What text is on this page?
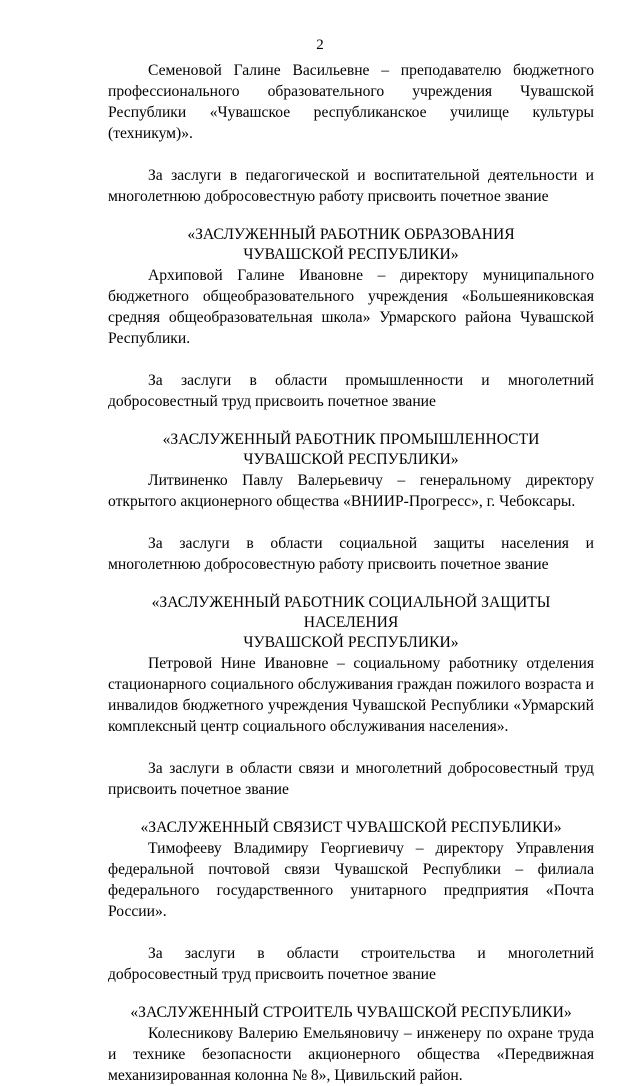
2

Семеновой Галине Васильевне – преподавателю бюджетного профессионального образовательного учреждения Чувашской Республики «Чувашское республиканское училище культуры (техникум)».

За заслуги в педагогической и воспитательной деятельности и многолетнюю добросовестную работу присвоить почетное звание

«ЗАСЛУЖЕННЫЙ РАБОТНИК ОБРАЗОВАНИЯ
ЧУВАШСКОЙ РЕСПУБЛИКИ»

Архиповой Галине Ивановне – директору муниципального бюджетного общеобразовательного учреждения «Большеяниковская средняя общеобразовательная школа» Урмарского района Чувашской Республики.

За заслуги в области промышленности и многолетний добросовестный труд присвоить почетное звание

«ЗАСЛУЖЕННЫЙ РАБОТНИК ПРОМЫШЛЕННОСТИ
ЧУВАШСКОЙ РЕСПУБЛИКИ»

Литвиненко Павлу Валерьевичу – генеральному директору открытого акционерного общества «ВНИИР-Прогресс», г. Чебоксары.

За заслуги в области социальной защиты населения и многолетнюю добросовестную работу присвоить почетное звание

«ЗАСЛУЖЕННЫЙ РАБОТНИК СОЦИАЛЬНОЙ ЗАЩИТЫ НАСЕЛЕНИЯ
ЧУВАШСКОЙ РЕСПУБЛИКИ»

Петровой Нине Ивановне – социальному работнику отделения стационарного социального обслуживания граждан пожилого возраста и инвалидов бюджетного учреждения Чувашской Республики «Урмарский комплексный центр социального обслуживания населения».

За заслуги в области связи и многолетний добросовестный труд присвоить почетное звание

«ЗАСЛУЖЕННЫЙ СВЯЗИСТ ЧУВАШСКОЙ РЕСПУБЛИКИ»

Тимофееву Владимиру Георгиевичу – директору Управления федеральной почтовой связи Чувашской Республики – филиала федерального государственного унитарного предприятия «Почта России».

За заслуги в области строительства и многолетний добросовестный труд присвоить почетное звание

«ЗАСЛУЖЕННЫЙ СТРОИТЕЛЬ ЧУВАШСКОЙ РЕСПУБЛИКИ»

Колесникову Валерию Емельяновичу – инженеру по охране труда и технике безопасности акционерного общества «Передвижная механизированная колонна № 8», Цивильский район.
